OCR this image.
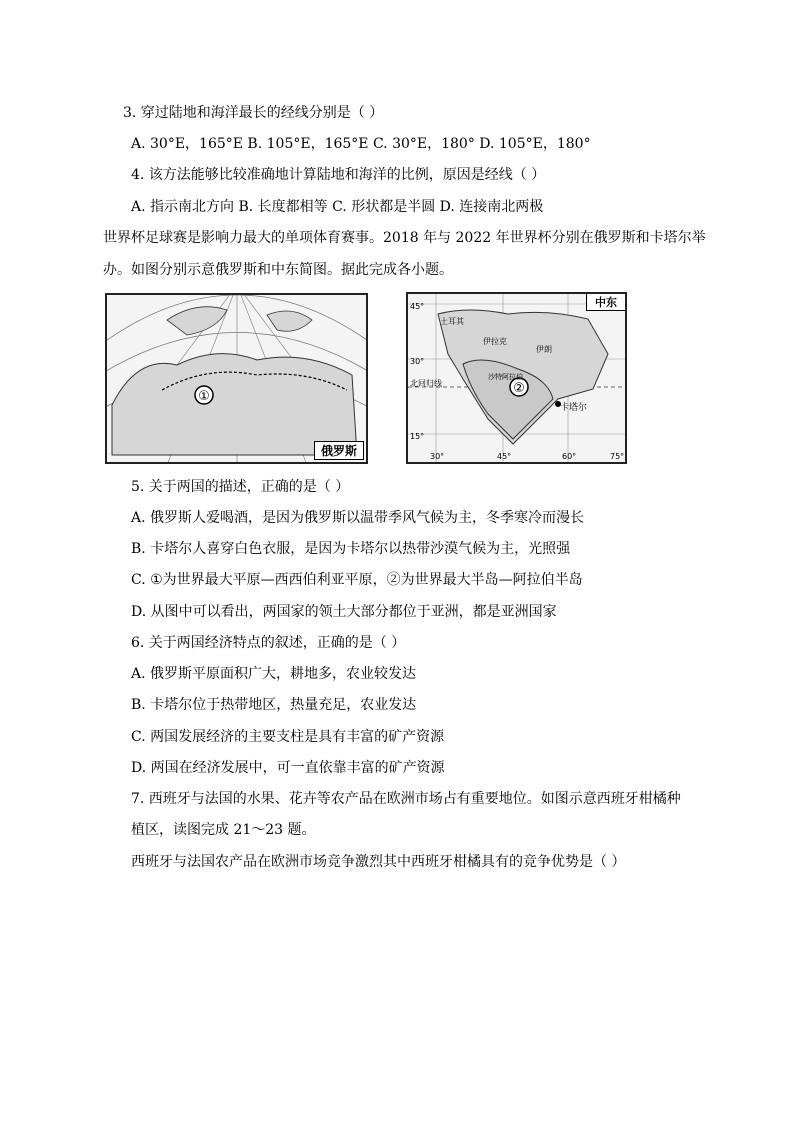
3. 穿过陆地和海洋最长的经线分别是（ ）
A. 30°E，165°E B. 105°E，165°E C. 30°E，180° D. 105°E，180°
4. 该方法能够比较准确地计算陆地和海洋的比例，原因是经线（ ）
A. 指示南北方向 B. 长度都相等 C. 形状都是半圆 D. 连接南北两极
世界杯足球赛是影响力最大的单项体育赛事。2018 年与 2022 年世界杯分别在俄罗斯和卡塔尔举
办。如图分别示意俄罗斯和中东简图。据此完成各小题。
①
俄罗斯
②
卡塔尔
伊朗
伊拉克
土耳其
沙特阿拉伯
北回归线
45°
30°
15°
30°	45°	60°	75°
中东
5. 关于两国的描述，正确的是（ ）
A. 俄罗斯人爱喝酒，是因为俄罗斯以温带季风气候为主，冬季寒冷而漫长
B. 卡塔尔人喜穿白色衣服，是因为卡塔尔以热带沙漠气候为主，光照强
C. ①为世界最大平原—西西伯利亚平原，②为世界最大半岛—阿拉伯半岛
D. 从图中可以看出，两国家的领土大部分都位于亚洲，都是亚洲国家
6. 关于两国经济特点的叙述，正确的是（ ）
A. 俄罗斯平原面积广大，耕地多，农业较发达
B. 卡塔尔位于热带地区，热量充足，农业发达
C. 两国发展经济的主要支柱是具有丰富的矿产资源
D. 两国在经济发展中，可一直依靠丰富的矿产资源
7. 西班牙与法国的水果、花卉等农产品在欧洲市场占有重要地位。如图示意西班牙柑橘种
植区，读图完成 21～23 题。
西班牙与法国农产品在欧洲市场竞争激烈其中西班牙柑橘具有的竞争优势是（ ）
